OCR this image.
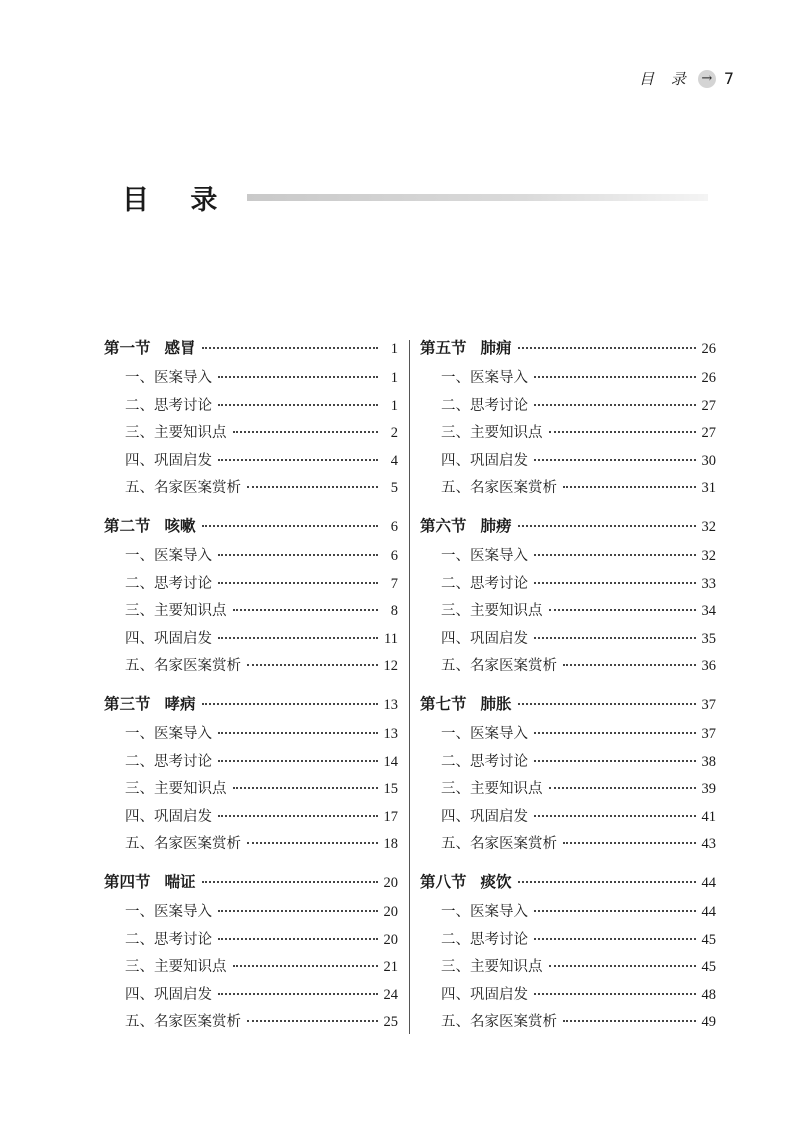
目 录 → 7
目 录
第一节 感冒	1
一、医案导入	1
二、思考讨论	1
三、主要知识点	2
四、巩固启发	4
五、名家医案赏析	5
第二节 咳嗽	6
一、医案导入	6
二、思考讨论	7
三、主要知识点	8
四、巩固启发	11
五、名家医案赏析	12
第三节 哮病	13
一、医案导入	13
二、思考讨论	14
三、主要知识点	15
四、巩固启发	17
五、名家医案赏析	18
第四节 喘证	20
一、医案导入	20
二、思考讨论	20
三、主要知识点	21
四、巩固启发	24
五、名家医案赏析	25
第五节 肺痈	26
一、医案导入	26
二、思考讨论	27
三、主要知识点	27
四、巩固启发	30
五、名家医案赏析	31
第六节 肺痨	32
一、医案导入	32
二、思考讨论	33
三、主要知识点	34
四、巩固启发	35
五、名家医案赏析	36
第七节 肺胀	37
一、医案导入	37
二、思考讨论	38
三、主要知识点	39
四、巩固启发	41
五、名家医案赏析	43
第八节 痰饮	44
一、医案导入	44
二、思考讨论	45
三、主要知识点	45
四、巩固启发	48
五、名家医案赏析	49
